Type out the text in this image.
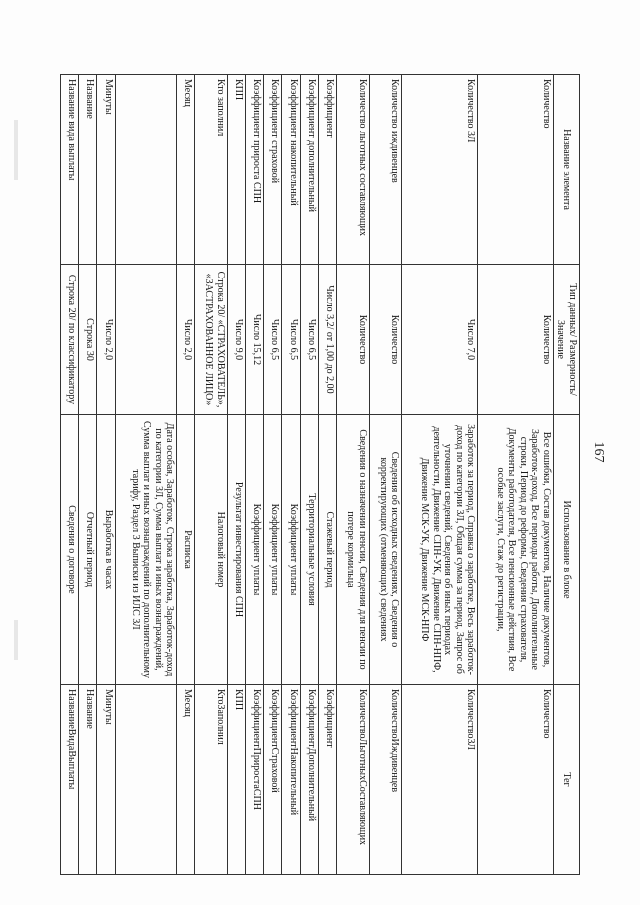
167
Название элемента	Тип данных/ Размерность/ Значение	Использование в блоке	Тег
Количество	Количество	Все ошибки, Состав документов, Наличие документов, Заработок-доход, Все периоды работы, Дополнительные строки, Период до реформы, Сведения страхователя, Документы работодателя, Все пенсионные действия, Все особые заслуги, Стаж до регистрации,	Количество
Количество ЗЛ	Число 7,0	Заработок за период, Справка о заработке, Весь заработок-доход по категории ЗЛ, Общая сумма за период, Запрос об уточнении сведений, Сведения об иных периодах деятельности, Движение СПН-УК, Движение СПН-НПФ, Движение МСК-УК, Движение МСК-НПФ	КоличествоЗЛ
Количество иждивенцев	Количество	Сведения об исходных сведениях, Сведения о корректирующих (отменяющих) сведениях	КоличествоИждивенцев
Количество льготных составляющих	Количество	Сведения о назначении пенсии, Сведения для пенсии по потере кормильца	КоличествоЛьготныхСоставляющих
Коэффициент	Число 3,2/ от 1,00 до 2,00	Стажевый период	Коэффициент
Коэффициент дополнительный	Число 6,5	Территориальные условия	КоэффициентДополнительный
Коэффициент накопительный	Число 6,5	Коэффициент уплаты	КоэффициентНакопительный
Коэффициент страховой	Число 6,5	Коэффициент уплаты	КоэффициентСтраховой
Коэффициент прироста СПН	Число 15,12	Коэффициент уплаты	КоэффициентПриростаСПН
КПП	Число 9,0	Результат инвестирования СПН	КПП
Кто заполнил	Строка 20/ «СТРАХОВАТЕЛЬ», «ЗАСТРАХОВАННОЕ ЛИЦО»	Налоговый номер	КтоЗаполнил
Месяц	Число 2,0	Расписка	Месяц
		Дата особая, Заработок, Строка заработка, Заработок-доход по категории ЗЛ, Сумма выплат и иных вознаграждений, Сумма выплат и иных вознаграждений по дополнительному тарифу, Раздел 3 Выписки из ИЛС ЗЛ	
Минуты	Число 2,0	Выработка в часах	Минуты
Название	Строка 30	Отчетный период	Название
Название вида выплаты	Строка 20/ по классификатору	Сведения о договоре	НазваниеВидаВыплаты
